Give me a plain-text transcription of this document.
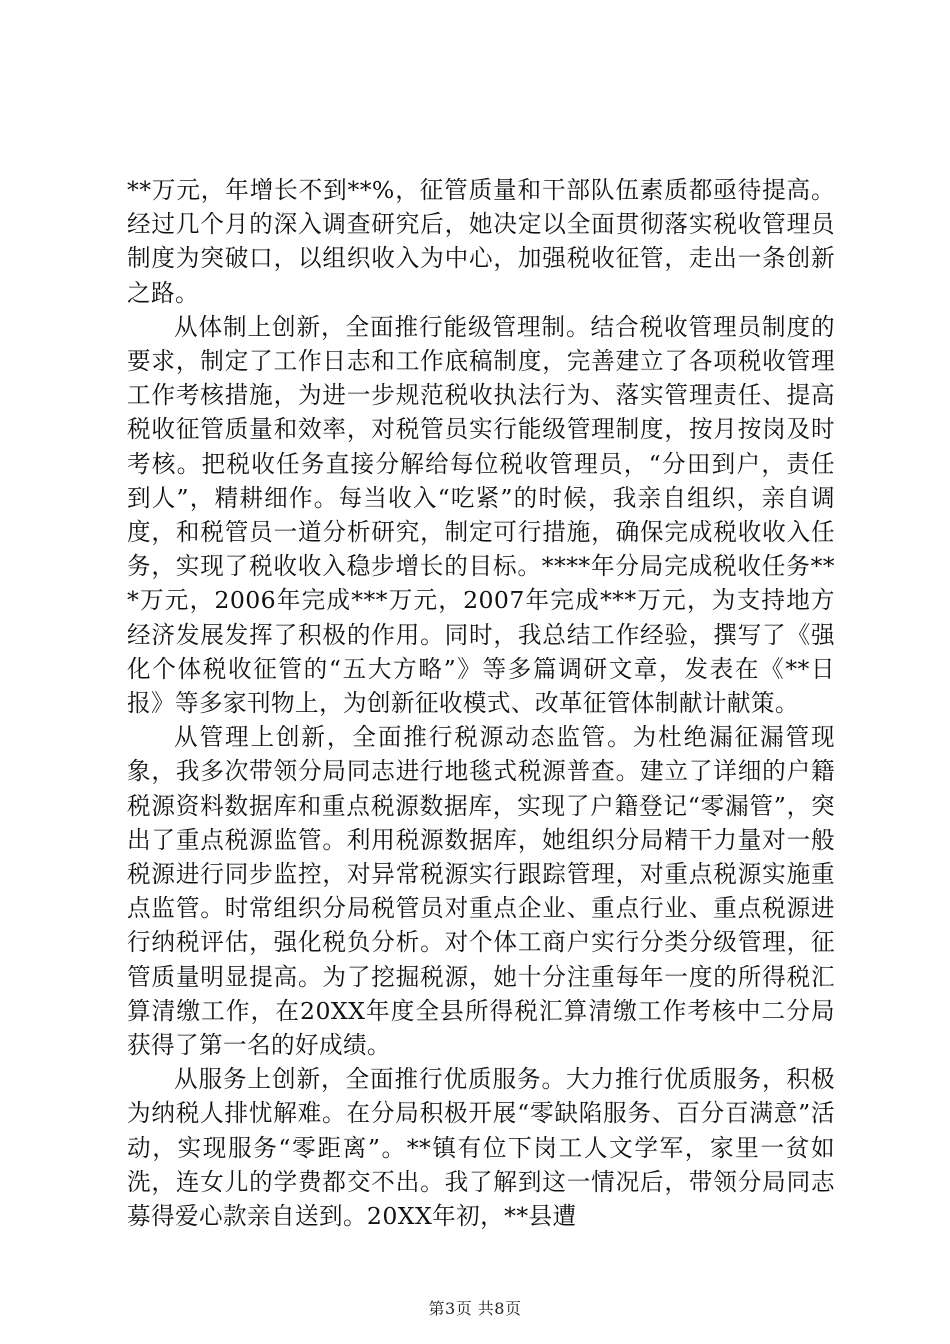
**万元，年增长不到**%，征管质量和干部队伍素质都亟待提高。经过几个月的深入调查研究后，她决定以全面贯彻落实税收管理员制度为突破口，以组织收入为中心，加强税收征管，走出一条创新之路。

从体制上创新，全面推行能级管理制。结合税收管理员制度的要求，制定了工作日志和工作底稿制度，完善建立了各项税收管理工作考核措施，为进一步规范税收执法行为、落实管理责任、提高税收征管质量和效率，对税管员实行能级管理制度，按月按岗及时考核。把税收任务直接分解给每位税收管理员，“分田到户，责任到人”，精耕细作。每当收入“吃紧”的时候，我亲自组织，亲自调度，和税管员一道分析研究，制定可行措施，确保完成税收收入任务，实现了税收收入稳步增长的目标。****年分局完成税收任务***万元，2006年完成***万元，2007年完成***万元，为支持地方经济发展发挥了积极的作用。同时，我总结工作经验，撰写了《强化个体税收征管的“五大方略”》等多篇调研文章，发表在《**日报》等多家刊物上，为创新征收模式、改革征管体制献计献策。

从管理上创新，全面推行税源动态监管。为杜绝漏征漏管现象，我多次带领分局同志进行地毯式税源普查。建立了详细的户籍税源资料数据库和重点税源数据库，实现了户籍登记“零漏管”，突出了重点税源监管。利用税源数据库，她组织分局精干力量对一般税源进行同步监控，对异常税源实行跟踪管理，对重点税源实施重点监管。时常组织分局税管员对重点企业、重点行业、重点税源进行纳税评估，强化税负分析。对个体工商户实行分类分级管理，征管质量明显提高。为了挖掘税源，她十分注重每年一度的所得税汇算清缴工作，在20XX年度全县所得税汇算清缴工作考核中二分局获得了第一名的好成绩。

从服务上创新，全面推行优质服务。大力推行优质服务，积极为纳税人排忧解难。在分局积极开展“零缺陷服务、百分百满意”活动，实现服务“零距离”。**镇有位下岗工人文学军，家里一贫如洗，连女儿的学费都交不出。我了解到这一情况后，带领分局同志募得爱心款亲自送到。20XX年初，**县遭

第3页 共8页
